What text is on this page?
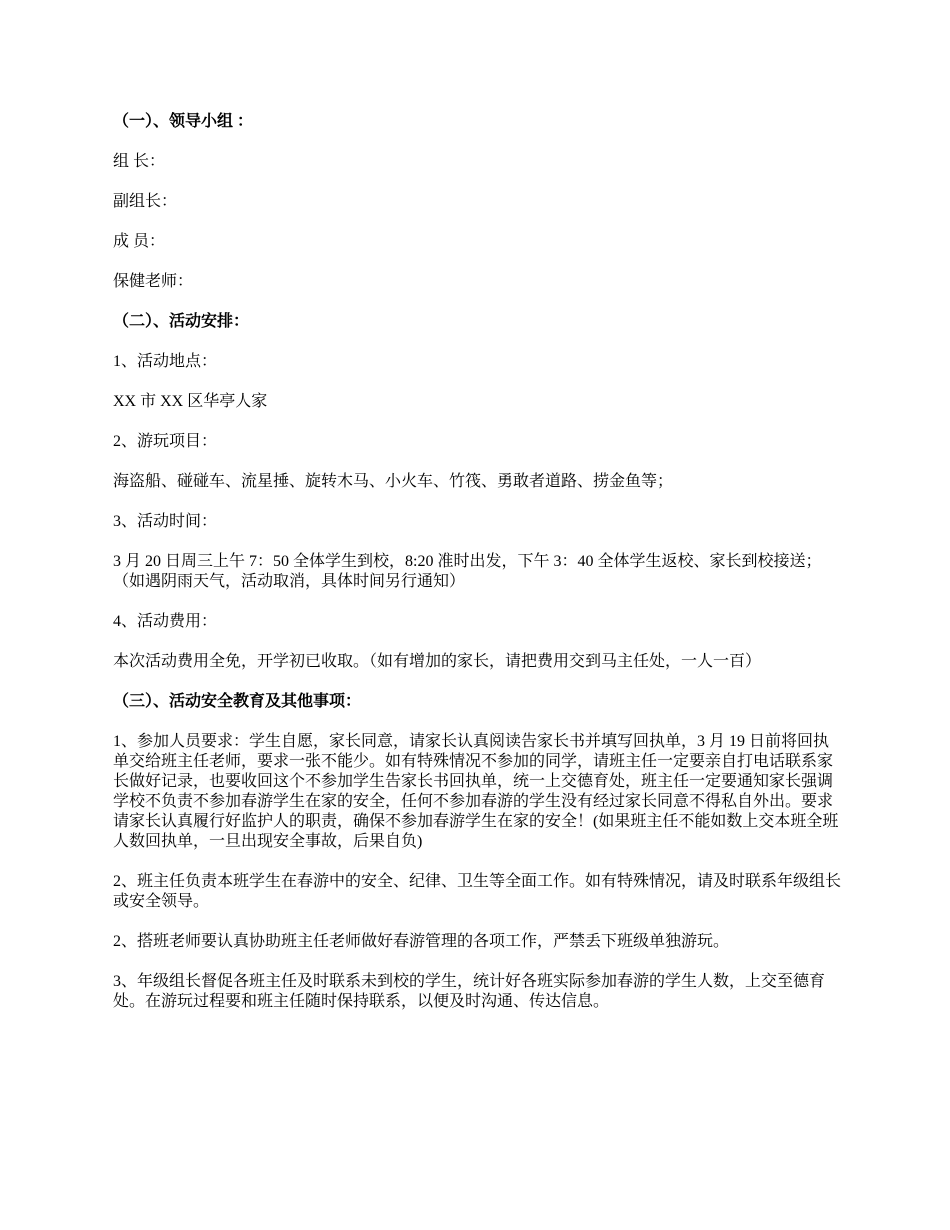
（一）、领导小组 ：
组 长：
副组长：
成 员：
保健老师：
（二）、活动安排：
1、活动地点：
XX 市 XX 区华亭人家
2、游玩项目：
海盗船、碰碰车、流星捶、旋转木马、小火车、竹筏、勇敢者道路、捞金鱼等；
3、活动时间：
3 月 20 日周三上午 7：50 全体学生到校，8:20 准时出发，下午 3：40 全体学生返校、家长到校接送；（如遇阴雨天气，活动取消，具体时间另行通知）
4、活动费用：
本次活动费用全免，开学初已收取。（如有增加的家长，请把费用交到马主任处，一人一百）
（三）、活动安全教育及其他事项：
1、参加人员要求：学生自愿，家长同意，请家长认真阅读告家长书并填写回执单，3 月 19 日前将回执单交给班主任老师，要求一张不能少。如有特殊情况不参加的同学，请班主任一定要亲自打电话联系家长做好记录，也要收回这个不参加学生告家长书回执单，统一上交德育处，班主任一定要通知家长强调学校不负责不参加春游学生在家的安全，任何不参加春游的学生没有经过家长同意不得私自外出。要求请家长认真履行好监护人的职责，确保不参加春游学生在家的安全！(如果班主任不能如数上交本班全班人数回执单，一旦出现安全事故，后果自负)
2、班主任负责本班学生在春游中的安全、纪律、卫生等全面工作。如有特殊情况，请及时联系年级组长或安全领导。
2、搭班老师要认真协助班主任老师做好春游管理的各项工作，严禁丢下班级单独游玩。
3、年级组长督促各班主任及时联系未到校的学生，统计好各班实际参加春游的学生人数，上交至德育处。在游玩过程要和班主任随时保持联系，以便及时沟通、传达信息。
